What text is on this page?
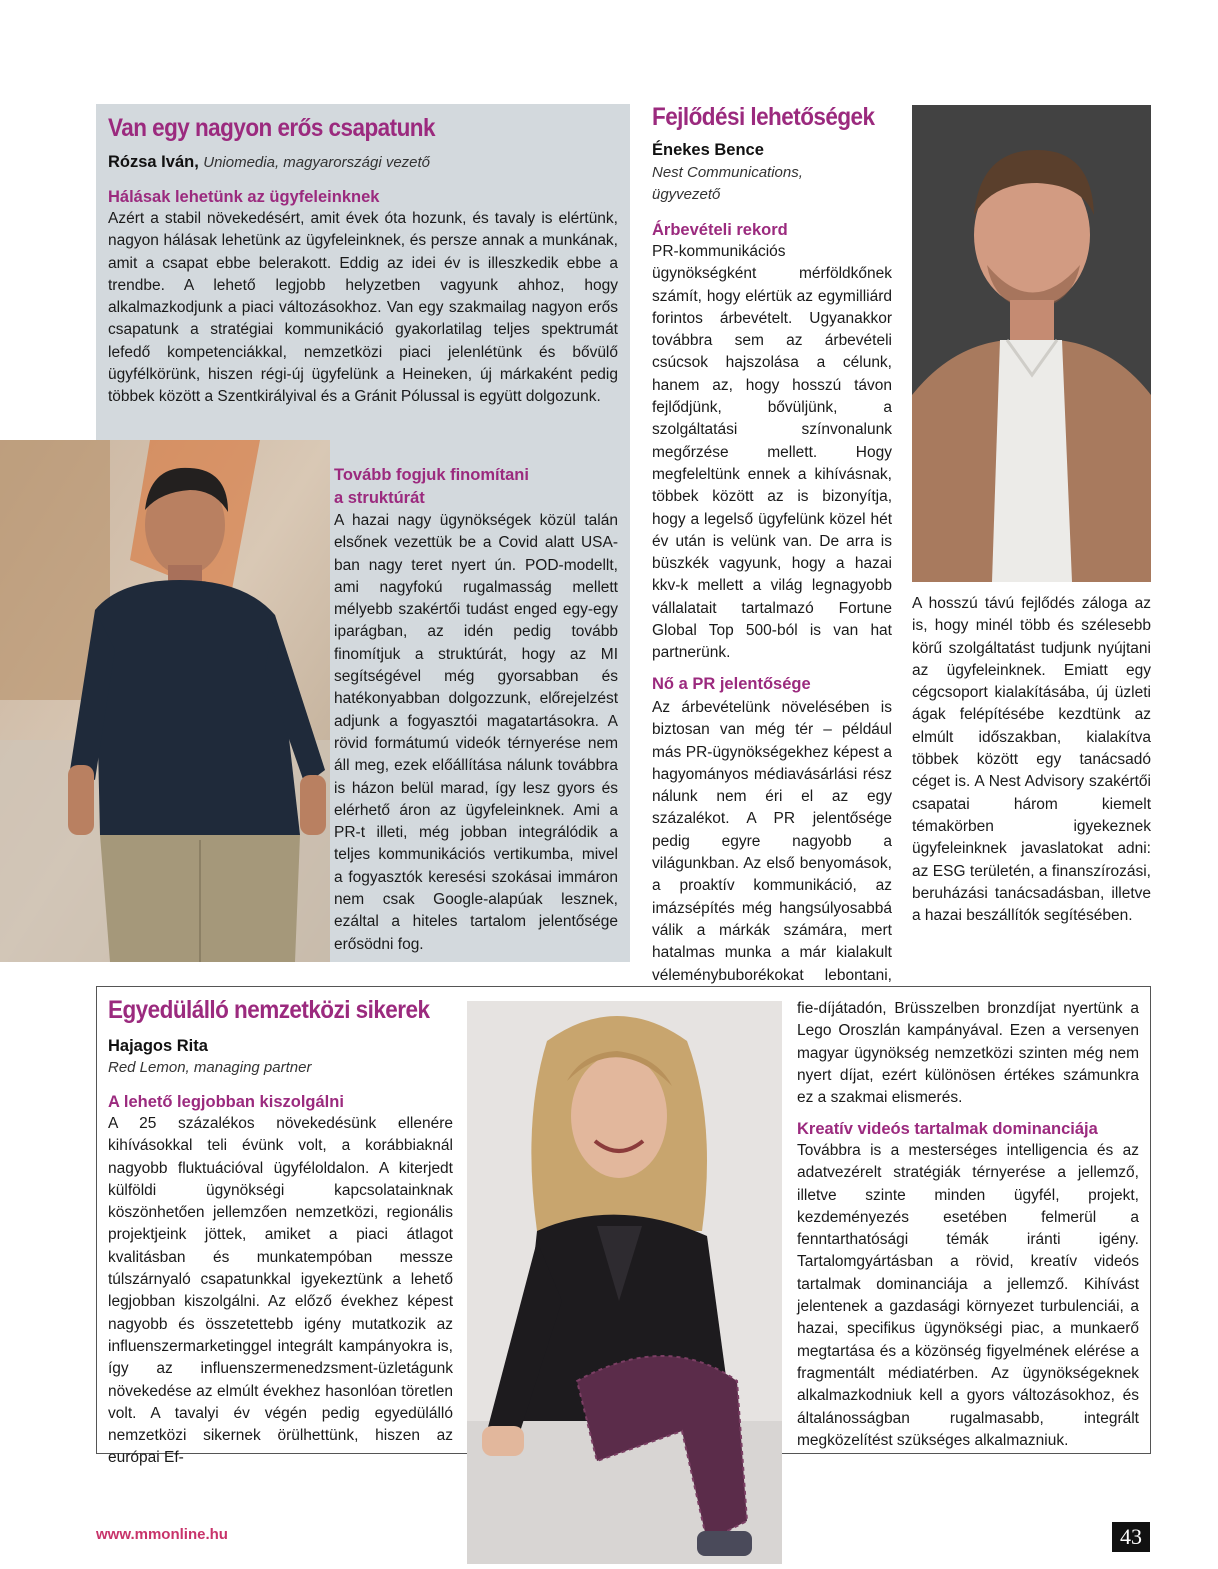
Van egy nagyon erős csapatunk
Rózsa Iván, Uniomedia, magyarországi vezető
Hálásak lehetünk az ügyfeleinknek

Azért a stabil növekedésért, amit évek óta hozunk, és tavaly is elértünk, nagyon hálásak lehetünk az ügyfeleinknek, és persze annak a munkának, amit a csapat ebbe belerakott. Eddig az idei év is illeszkedik ebbe a trendbe. A lehető legjobb helyzetben vagyunk ahhoz, hogy alkalmazkodjunk a piaci változásokhoz. Van egy szakmailag nagyon erős csapatunk a stratégiai kommunikáció gyakorlatilag teljes spektrumát lefedő kompetenciákkal, nemzetközi piaci jelenlétünk és bővülő ügyfélkörünk, hiszen régi-új ügyfelünk a Heineken, új márkaként pedig többek között a Szentkirályival és a Gránit Pólussal is együtt dolgozunk.

Tovább fogjuk finomítani
a struktúrát

A hazai nagy ügynökségek közül talán elsőnek vezettük be a Covid alatt USA-ban nagy teret nyert ún. POD-modellt, ami nagyfokú rugalmasság mellett mélyebb szakértői tudást enged egy-egy iparágban, az idén pedig tovább finomítjuk a struktúrát, hogy az MI segítségével még gyorsabban és hatékonyabban dolgozzunk, előrejelzést adjunk a fogyasztói magatartásokra. A rövid formátumú videók térnyerése nem áll meg, ezek előállítása nálunk továbbra is házon belül marad, így lesz gyors és elérhető áron az ügyfeleinknek. Ami a PR-t illeti, még jobban integrálódik a teljes kommunikációs vertikumba, mivel a fogyasztók keresési szokásai immáron nem csak Google-alapúak lesznek, ezáltal a hiteles tartalom jelentősége erősödni fog.

Fejlődési lehetőségek
Énekes Bence
Nest Communications,
ügyvezető
Árbevételi rekord

PR-kommunikációs ügynökségként mérföldkőnek számít, hogy elértük az egymilliárd forintos árbevételt. Ugyanakkor továbbra sem az árbevételi csúcsok hajszolása a célunk, hanem az, hogy hosszú távon fejlődjünk, bővüljünk, a szolgáltatási színvonalunk megőrzése mellett. Hogy megfeleltünk ennek a kihívásnak, többek között az is bizonyítja, hogy a legelső ügyfelünk közel hét év után is velünk van. De arra is büszkék vagyunk, hogy a hazai kkv-k mellett a világ legnagyobb vállalatait tartalmazó Fortune Global Top 500-ból is van hat partnerünk.

Nő a PR jelentősége

Az árbevételünk növelésében is biztosan van még tér – például más PR-ügynökségekhez képest a hagyományos médiavásárlási rész nálunk nem éri el az egy százalékot. A PR jelentősége pedig egyre nagyobb a világunkban. Az első benyomások, a proaktív kommunikáció, az imázsépítés még hangsúlyosabbá válik a márkák számára, mert hatalmas munka a már kialakult véleménybuborékokat lebontani,

A hosszú távú fejlődés záloga az is, hogy minél több és szélesebb körű szolgáltatást tudjunk nyújtani az ügyfeleinknek. Emiatt egy cégcsoport kialakításába, új üzleti ágak felépítésébe kezdtünk az elmúlt időszakban, kialakítva többek között egy tanácsadó céget is. A Nest Advisory szakértői csapatai három kiemelt témakörben igyekeznek ügyfeleinknek javaslatokat adni: az ESG területén, a finanszírozási, beruházási tanácsadásban, illetve a hazai beszállítók segítésében.

Egyedülálló nemzetközi sikerek
Hajagos Rita
Red Lemon, managing partner
A lehető legjobban kiszolgálni

A 25 százalékos növekedésünk ellenére kihívásokkal teli évünk volt, a korábbiaknál nagyobb fluktuációval ügyféloldalon. A kiterjedt külföldi ügynökségi kapcsolatainknak köszönhetően jellemzően nemzetközi, regionális projektjeink jöttek, amiket a piaci átlagot kvalitásban és munkatempóban messze túlszárnyaló csapatunkkal igyekeztünk a lehető legjobban kiszolgálni. Az előző évekhez képest nagyobb és összetettebb igény mutatkozik az influenszermarketinggel integrált kampányokra is, így az influenszermenedzsment-üzletágunk növekedése az elmúlt évekhez hasonlóan töretlen volt. A tavalyi év végén pedig egyedülálló nemzetközi sikernek örülhettünk, hiszen az európai Ef-

fie-díjátadón, Brüsszelben bronzdíjat nyertünk a Lego Oroszlán kampányával. Ezen a versenyen magyar ügynökség nemzetközi szinten még nem nyert díjat, ezért különösen értékes számunkra ez a szakmai elismerés.

Kreatív videós tartalmak dominanciája

Továbbra is a mesterséges intelligencia és az adatvezérelt stratégiák térnyerése a jellemző, illetve szinte minden ügyfél, projekt, kezdeményezés esetében felmerül a fenntarthatósági témák iránti igény. Tartalomgyártásban a rövid, kreatív videós tartalmak dominanciája a jellemző. Kihívást jelentenek a gazdasági környezet turbulenciái, a hazai, specifikus ügynökségi piac, a munkaerő megtartása és a közönség figyelmének elérése a fragmentált médiatérben. Az ügynökségeknek alkalmazkodniuk kell a gyors változásokhoz, és általánosságban rugalmasabb, integrált megközelítést szükséges alkalmazniuk.

www.mmonline.hu	43
